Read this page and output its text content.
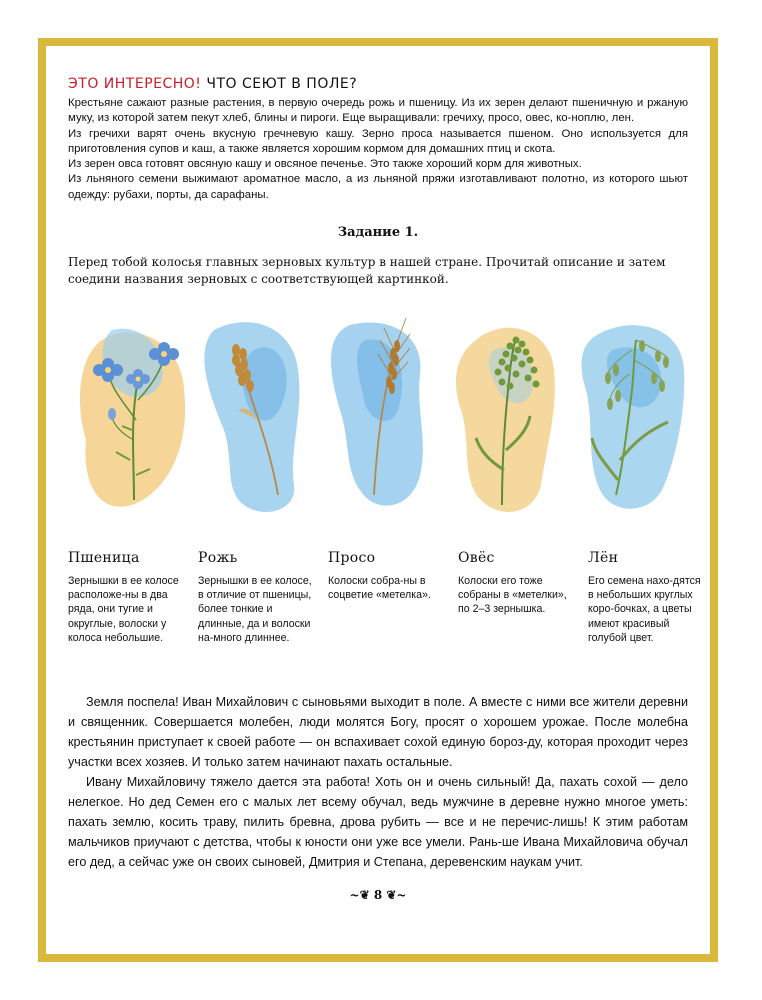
ЭТО ИНТЕРЕСНО! ЧТО СЕЮТ В ПОЛЕ?

Крестьяне сажают разные растения, в первую очередь рожь и пшеницу. Из их зерен делают пшеничную и ржаную муку, из которой затем пекут хлеб, блины и пироги. Еще выращивали: гречиху, просо, овес, ко-ноплю, лен.

Из гречихи варят очень вкусную гречневую кашу. Зерно проса называется пшеном. Оно используется для приготовления супов и каш, а также является хорошим кормом для домашних птиц и скота.

Из зерен овса готовят овсяную кашу и овсяное печенье. Это также хороший корм для животных.

Из льняного семени выжимают ароматное масло, а из льняной пряжи изготавливают полотно, из которого шьют одежду: рубахи, порты, да сарафаны.

Задание 1.

Перед тобой колосья главных зерновых культур в нашей стране. Прочитай описание и затем соедини названия зерновых с соответствующей картинкой.

Пшеница

Зернышки в ее колосе расположе-ны в два ряда, они тугие и округлые, волоски у колоса небольшие.

Рожь

Зернышки в ее колосе, в отличие от пшеницы, более тонкие и длинные, да и волоски на-много длиннее.

Просо

Колоски собра-ны в соцветие «метелка».

Овёс

Колоски его тоже собраны в «метелки», по 2–3 зернышка.

Лён

Его семена нахо-дятся в небольших круглых коро-бочках, а цветы имеют красивый голубой цвет.

Земля поспела! Иван Михайлович с сыновьями выходит в поле. А вместе с ними все жители деревни и священник. Совершается молебен, люди молятся Богу, просят о хорошем урожае. После молебна крестьянин приступает к своей работе — он вспахивает сохой единую бороз-ду, которая проходит через участки всех хозяев. И только затем начинают пахать остальные.

Ивану Михайловичу тяжело дается эта работа! Хоть он и очень сильный! Да, пахать сохой — дело нелегкое. Но дед Семен его с малых лет всему обучал, ведь мужчине в деревне нужно многое уметь: пахать землю, косить траву, пилить бревна, дрова рубить — все и не перечис-лишь! К этим работам мальчиков приучают с детства, чтобы к юности они уже все умели. Рань-ше Ивана Михайловича обучал его дед, а сейчас уже он своих сыновей, Дмитрия и Степана, деревенским наукам учит.

~❦ 8 ❦~
